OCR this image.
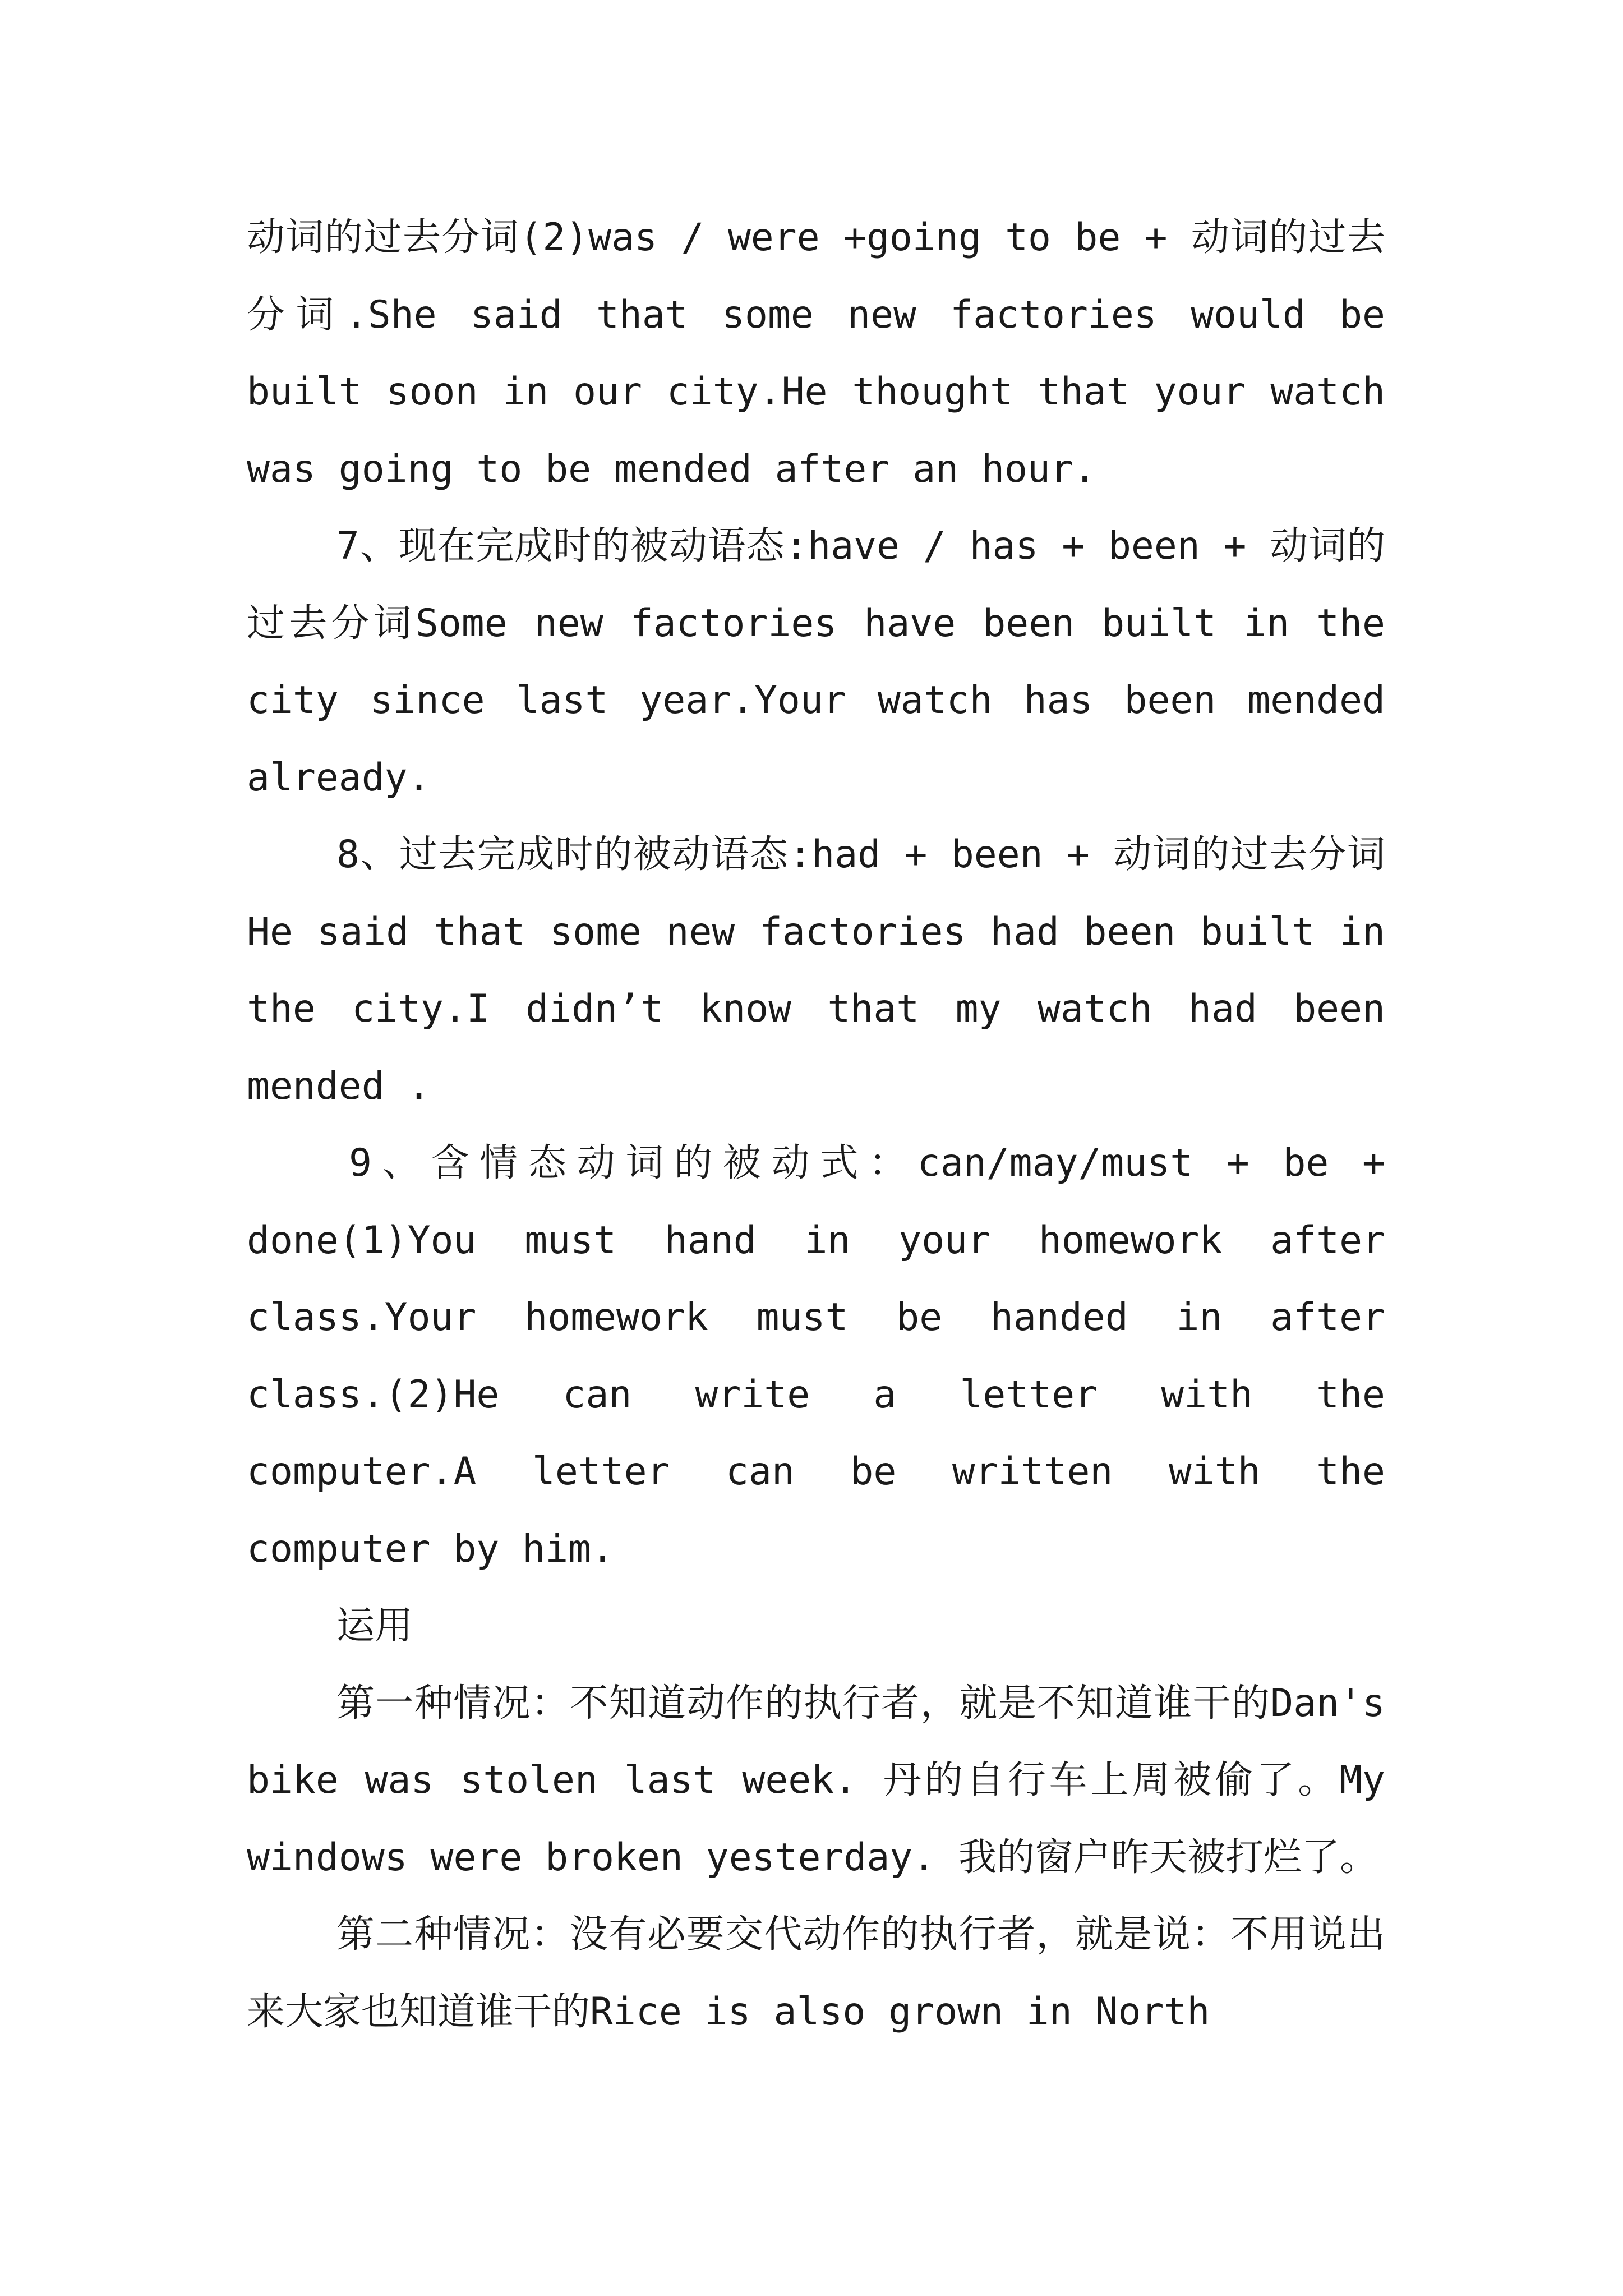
动词的过去分词(2)was / were +going to be + 动词的过去分词.She said that some new factories would be built soon in our city.He thought that your watch was going to be mended after an hour.

7、现在完成时的被动语态:have / has + been + 动词的过去分词Some new factories have been built in the city since last year.Your watch has been mended already.

8、过去完成时的被动语态:had + been + 动词的过去分词He said that some new factories had been built in the city.I didn’t know that my watch had been mended .

9、含情态动词的被动式：can/may/must + be + done(1)You must hand in your homework after class.Your homework must be handed in after class.(2)He can write a letter with the computer.A letter can be written with the computer by him.

运用

第一种情况：不知道动作的执行者，就是不知道谁干的Dan's bike was stolen last week. 丹的自行车上周被偷了。My windows were broken yesterday. 我的窗户昨天被打烂了。

第二种情况：没有必要交代动作的执行者，就是说：不用说出来大家也知道谁干的Rice is also grown in North
